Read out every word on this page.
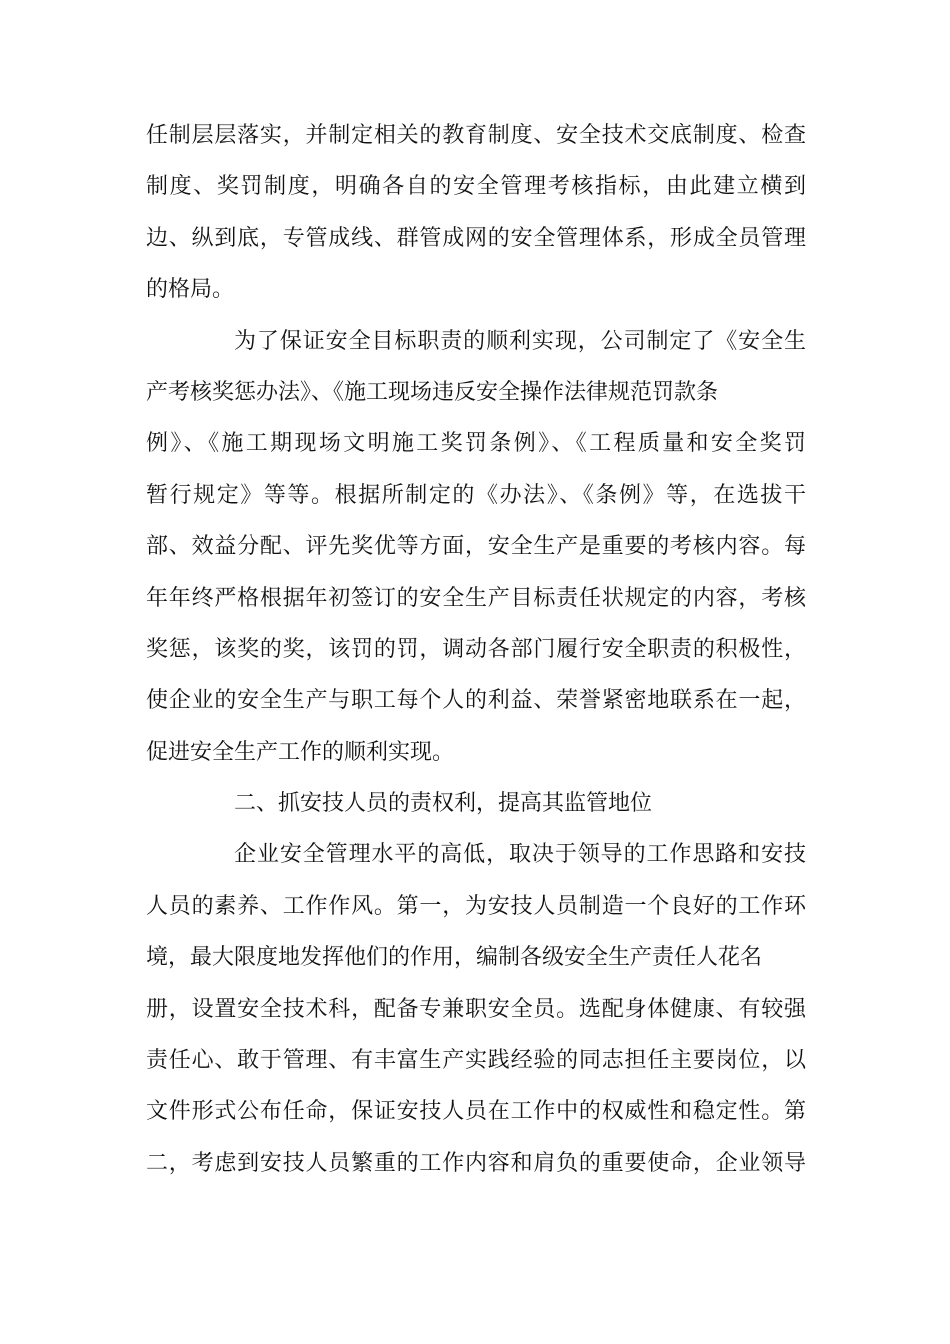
任制层层落实，并制定相关的教育制度、安全技术交底制度、检查
制度、奖罚制度，明确各自的安全管理考核指标，由此建立横到
边、纵到底，专管成线、群管成网的安全管理体系，形成全员管理
的格局。
为了保证安全目标职责的顺利实现，公司制定了《安全生
产考核奖惩办法》、《施工现场违反安全操作法律规范罚款条
例》、《施工期现场文明施工奖罚条例》、《工程质量和安全奖罚
暂行规定》等等。根据所制定的《办法》、《条例》等，在选拔干
部、效益分配、评先奖优等方面，安全生产是重要的考核内容。每
年年终严格根据年初签订的安全生产目标责任状规定的内容，考核
奖惩，该奖的奖，该罚的罚，调动各部门履行安全职责的积极性，
使企业的安全生产与职工每个人的利益、荣誉紧密地联系在一起，
促进安全生产工作的顺利实现。
二、抓安技人员的责权利，提高其监管地位
企业安全管理水平的高低，取决于领导的工作思路和安技
人员的素养、工作作风。第一，为安技人员制造一个良好的工作环
境，最大限度地发挥他们的作用，编制各级安全生产责任人花名
册，设置安全技术科，配备专兼职安全员。选配身体健康、有较强
责任心、敢于管理、有丰富生产实践经验的同志担任主要岗位，以
文件形式公布任命，保证安技人员在工作中的权威性和稳定性。第
二，考虑到安技人员繁重的工作内容和肩负的重要使命，企业领导
